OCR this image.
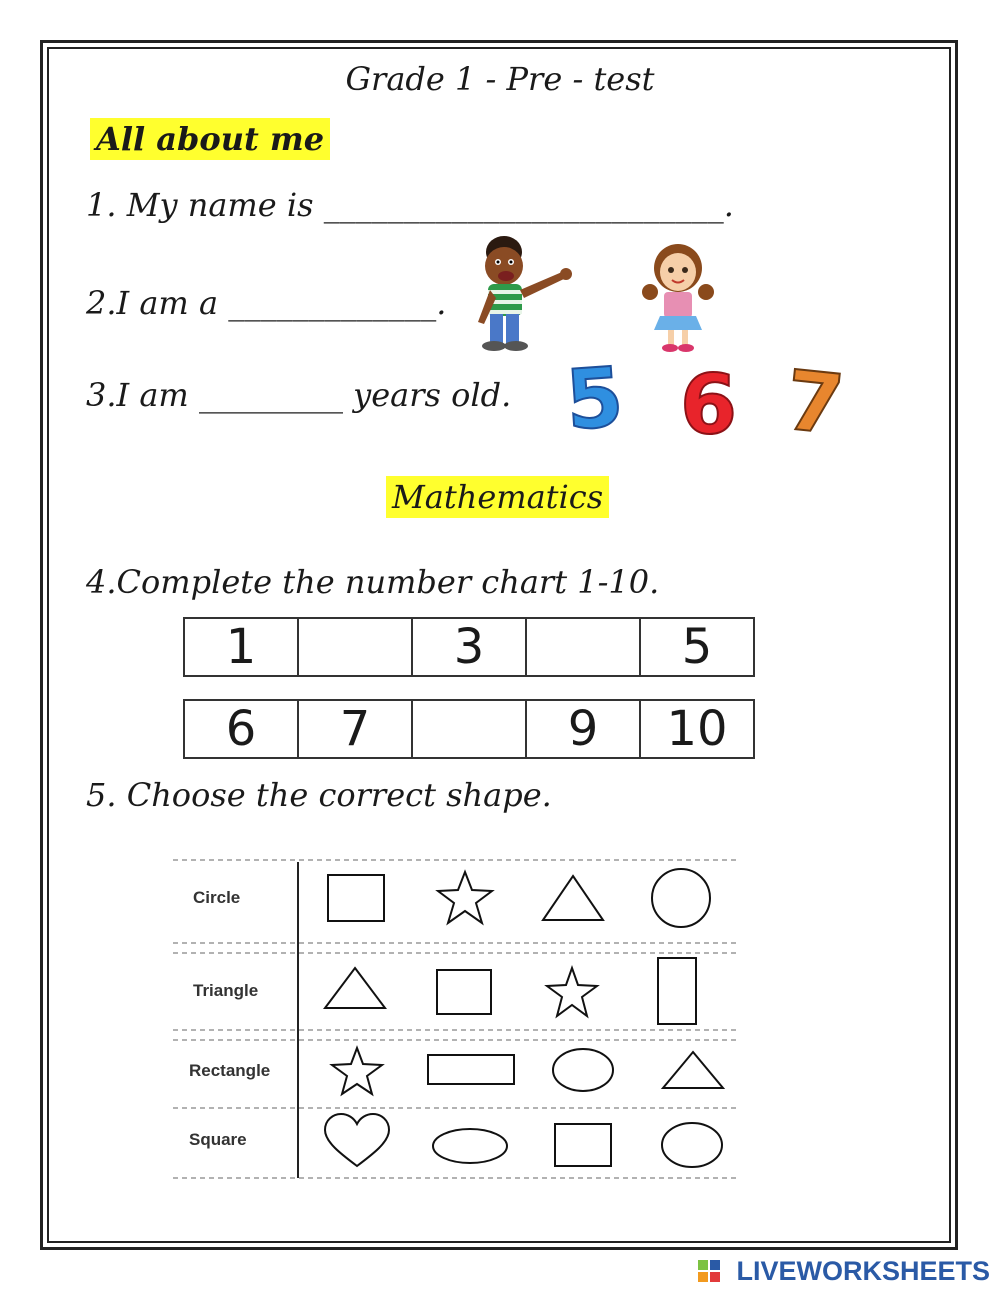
Grade 1 - Pre - test
All about me
1. My name is _________________________.
2.I am a _____________.
3.I am _________ years old. 5 6 7
Mathematics
4.Complete the number chart 1-10.
1		3		5
6	7		9	10
5. Choose the correct shape.
Circle
Triangle
Rectangle
Square
LIVEWORKSHEETS
